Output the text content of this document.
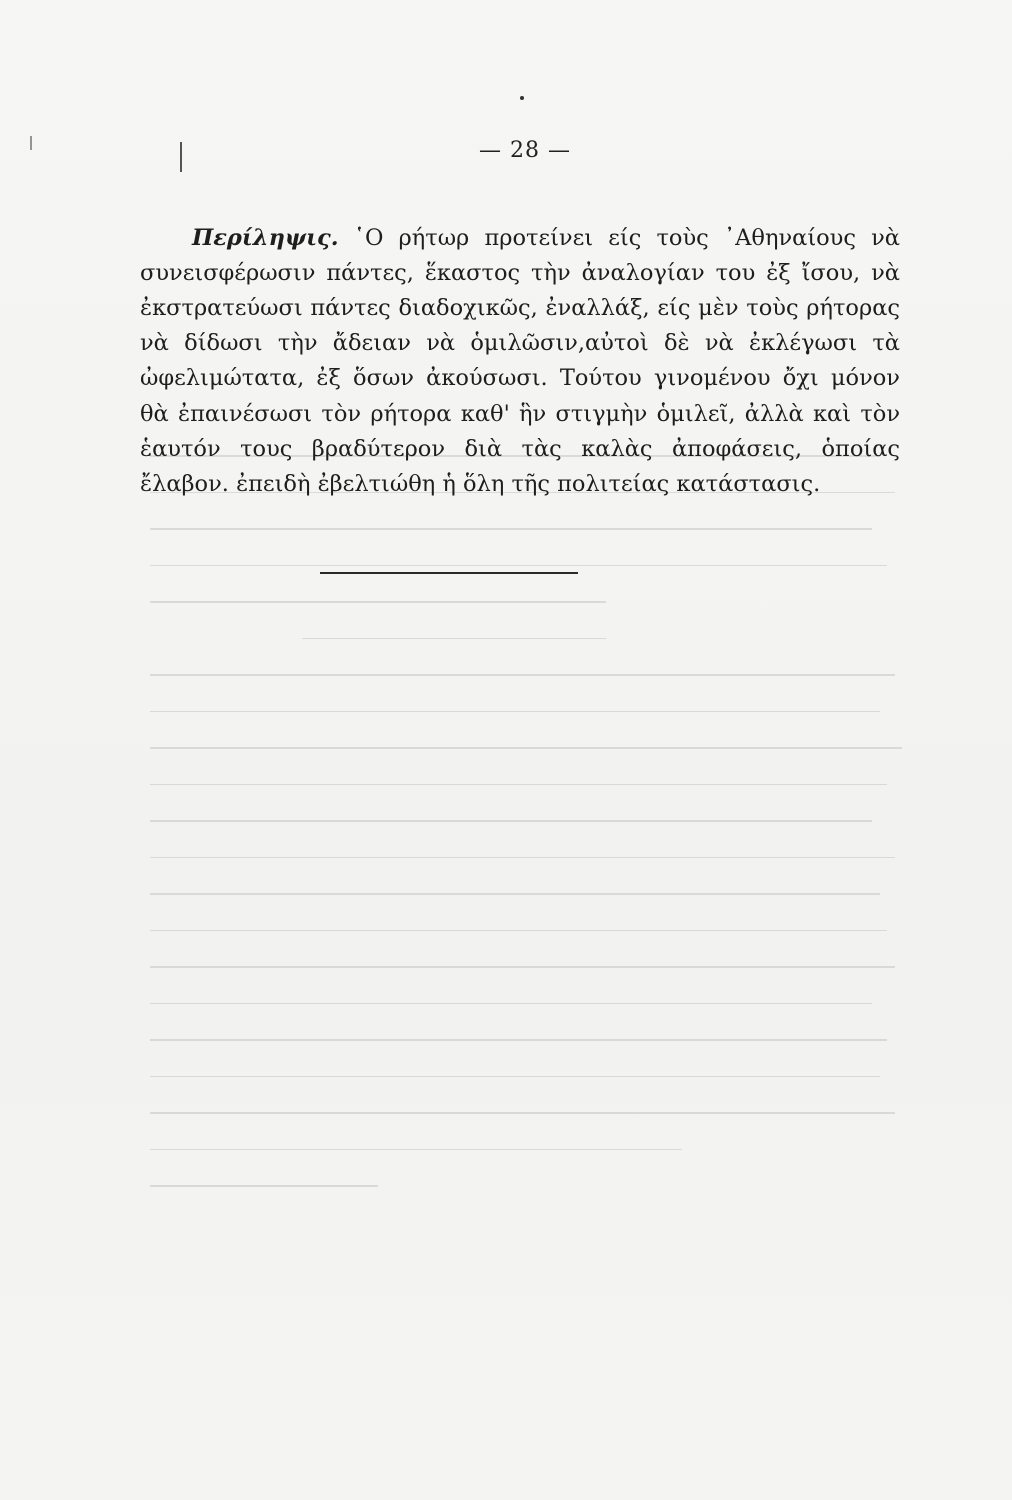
— 28 —

Περίληψις. ῾Ο ρήτωρ προτείνει είς τοὺς ᾿Αθηναίους νὰ συνεισφέρωσιν πάντες, ἕκαστος τὴν ἀναλογίαν του ἐξ ἴσου, νὰ ἐκστρατεύωσι πάντες διαδοχικῶς, ἐναλλάξ, είς μὲν τοὺς ρήτορας νὰ δίδωσι τὴν ἄδειαν νὰ ὁμιλῶσιν,αὐτοὶ δὲ νὰ ἐκλέγωσι τὰ ὠφελιμώτατα, ἐξ ὅσων ἀκούσωσι. Τούτου γινομένου ὄχι μόνον θὰ ἐπαινέσωσι τὸν ρήτορα καθ' ἣν στιγμὴν ὁμιλεῖ, ἀλλὰ καὶ τὸν ἑαυτόν τους βραδύτερον διὰ τὰς καλὰς ἀποφάσεις, ὁποίας ἔλαβον. ἐπειδὴ ἐβελτιώθη ἡ ὅλη τῆς πολιτείας κατάστασις.
